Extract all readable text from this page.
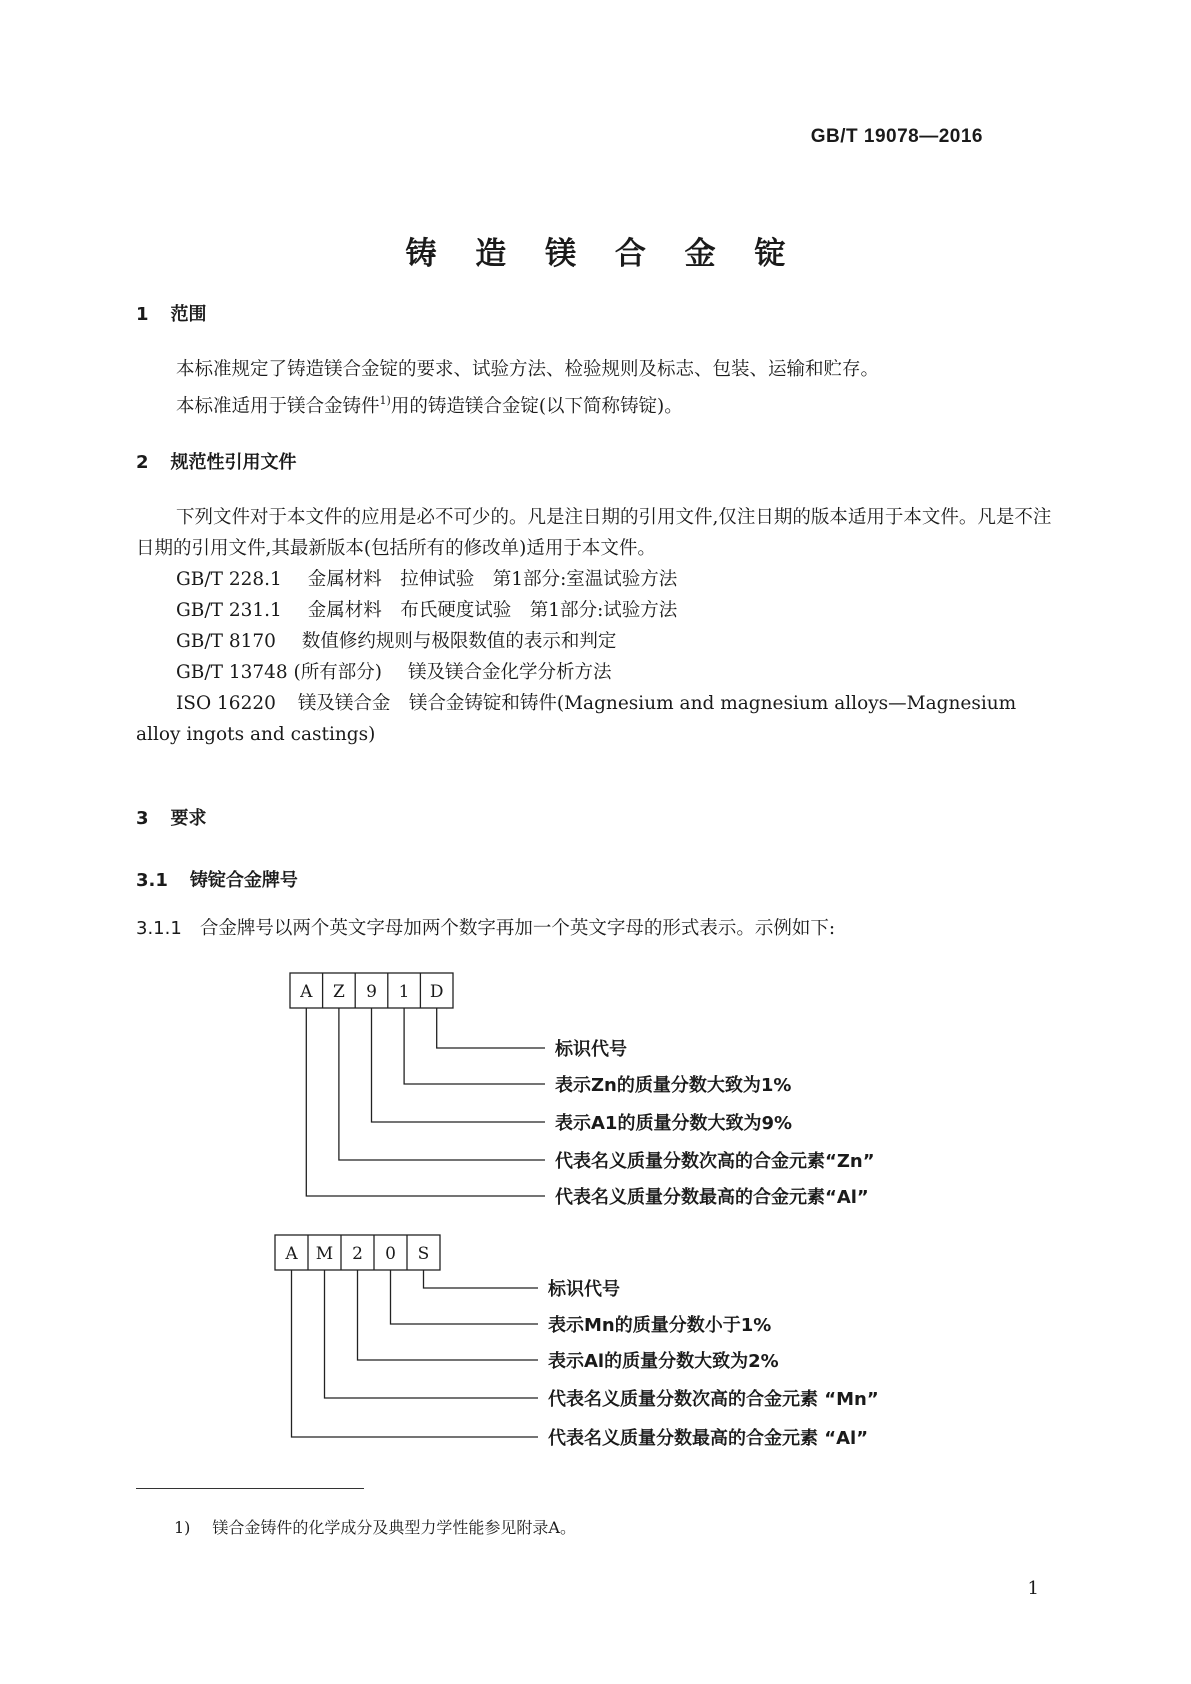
GB/T 19078—2016
铸 造 镁 合 金 锭
1 范围
本标准规定了铸造镁合金锭的要求、试验方法、检验规则及标志、包装、运输和贮存。
本标准适用于镁合金铸件$^{1)}$用的铸造镁合金锭(以下简称铸锭)。
2 规范性引用文件
下列文件对于本文件的应用是必不可少的。凡是注日期的引用文件,仅注日期的版本适用于本文件。凡是不注日期的引用文件,其最新版本(包括所有的修改单)适用于本文件。
GB/T 228.1 金属材料　拉伸试验　第1部分:室温试验方法
GB/T 231.1 金属材料　布氏硬度试验　第1部分:试验方法
GB/T 8170 数值修约规则与极限数值的表示和判定
GB/T 13748 (所有部分) 镁及镁合金化学分析方法
ISO 16220 镁及镁合金　镁合金铸锭和铸件(Magnesium and magnesium alloys—Magnesium alloy ingots and castings)
3 要求
3.1 铸锭合金牌号
3.1.1 合金牌号以两个英文字母加两个数字再加一个英文字母的形式表示。示例如下:
A Z 9 1 D
标识代号
表示Zn的质量分数大致为1%
表示A1的质量分数大致为9%
代表名义质量分数次高的合金元素“Zn”
代表名义质量分数最高的合金元素“Al”
A M 2 0 S
标识代号
表示Mn的质量分数小于1%
表示Al的质量分数大致为2%
代表名义质量分数次高的合金元素 “Mn”
代表名义质量分数最高的合金元素 “Al”
1) 镁合金铸件的化学成分及典型力学性能参见附录A。
1
